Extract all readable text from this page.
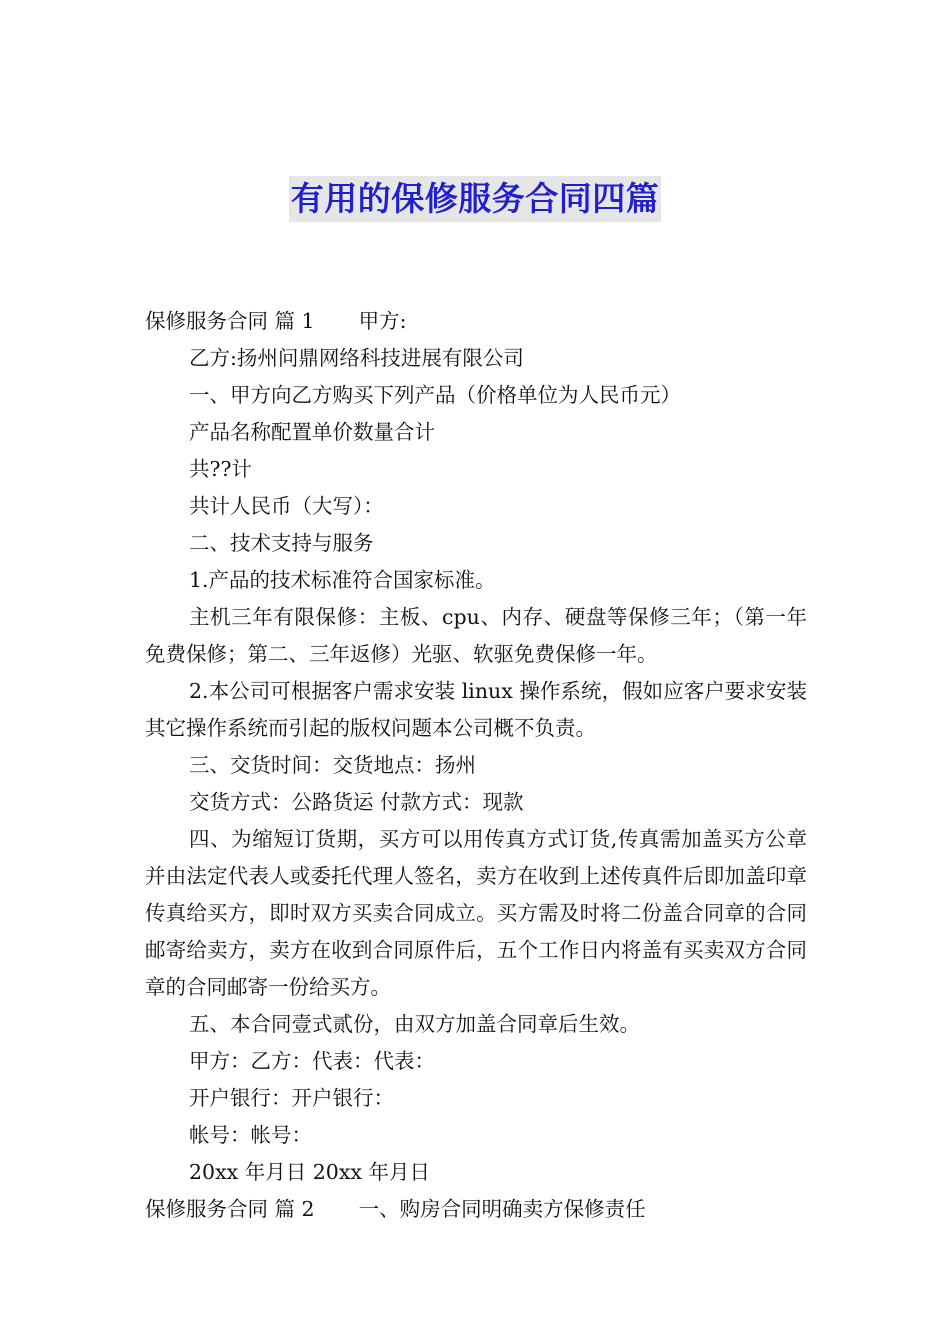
有用的保修服务合同四篇
保修服务合同 篇 1 甲方:
乙方:扬州问鼎网络科技进展有限公司
一、甲方向乙方购买下列产品（价格单位为人民币元）
产品名称配置单价数量合计
共??计
共计人民币（大写）：
二、技术支持与服务
1.产品的技术标准符合国家标准。
主机三年有限保修：主板、cpu、内存、硬盘等保修三年；（第一年免费保修；第二、三年返修）光驱、软驱免费保修一年。
2.本公司可根据客户需求安装 linux 操作系统，假如应客户要求安装其它操作系统而引起的版权问题本公司概不负责。
三、交货时间：交货地点：扬州
交货方式：公路货运 付款方式：现款
四、为缩短订货期，买方可以用传真方式订货,传真需加盖买方公章并由法定代表人或委托代理人签名，卖方在收到上述传真件后即加盖印章传真给买方，即时双方买卖合同成立。买方需及时将二份盖合同章的合同邮寄给卖方，卖方在收到合同原件后，五个工作日内将盖有买卖双方合同章的合同邮寄一份给买方。
五、本合同壹式贰份，由双方加盖合同章后生效。
甲方：乙方：代表：代表：
开户银行：开户银行：
帐号：帐号：
20xx 年月日 20xx 年月日
保修服务合同 篇 2 一、购房合同明确卖方保修责任
